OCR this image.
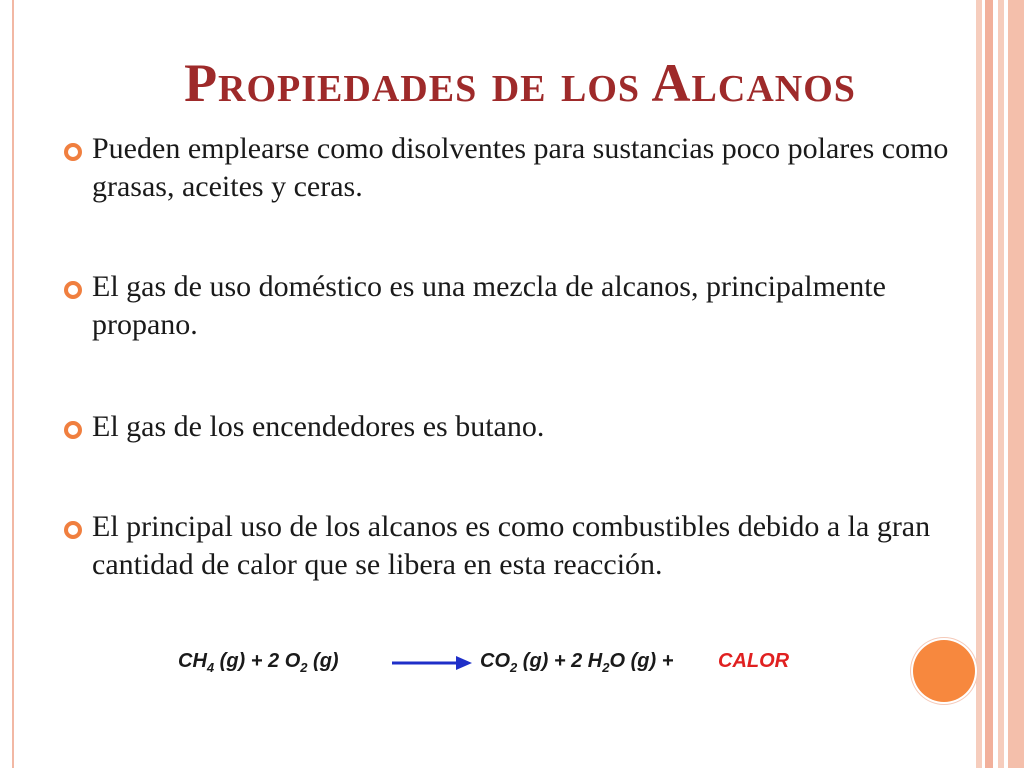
Propiedades de los Alcanos
Pueden emplearse como disolventes para sustancias poco polares como grasas, aceites y ceras.
El gas de uso doméstico es una mezcla de alcanos, principalmente propano.
El gas de los encendedores es butano.
El principal uso de los alcanos es como combustibles debido a la gran cantidad de calor que se libera en esta reacción.
$CH_4$ (g) + 2 $O_2$ (g)	$CO_2$ (g) + 2 $H_2O$ (g) + CALOR
